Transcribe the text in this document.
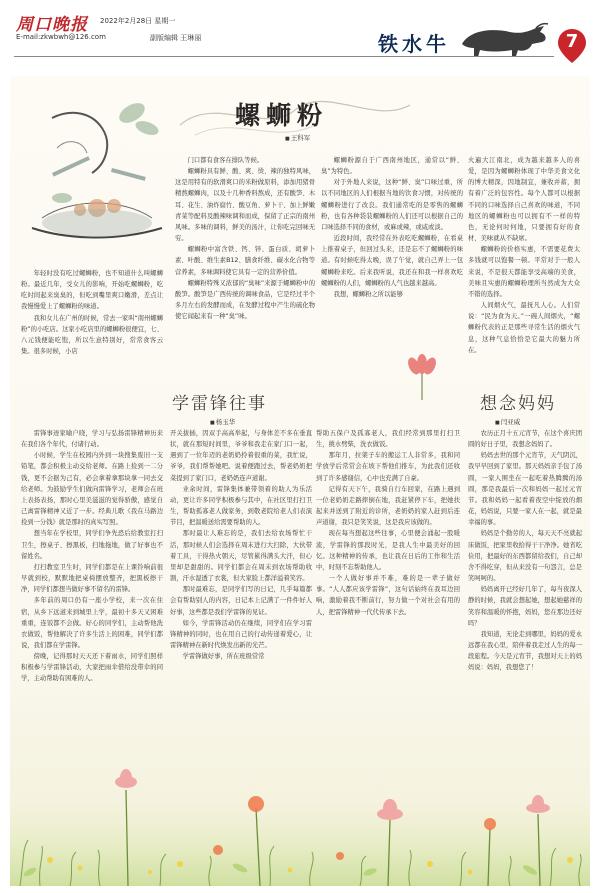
周口晚报
E-mail:zkwbwh@126.com
2022年2月28日 星期一
副版编辑 王琳丽	铁水牛	7
螺蛳粉
■ 王科军

年轻时没有吃过螺蛳粉，也不知道什么叫螺蛳粉。最近几年，受女儿的影响，开始吃螺蛳粉，吃吃时间起来臭臭的，但吃到嘴里爽口嫩滑，差点让我慢慢爱上了螺蛳粉的味道。

我和女儿在广州的时候，常去一家叫“南州螺蛳粉”的小吃店。这家小吃店里的螺蛳粉很便宜，七、八元钱便能吃饱，所以生意特别好，常常食客云集。很多时候，小店

门口都有食客在排队等候。

螺蛳粉具有鲜、酸、爽、烫、辣的独特风味，这是用特有的软滑爽口的米粉做原料，添加用猪骨精熬螺蛳肉，以及十几种香料熬成，还有酸笋、木耳、花生、油炸腐竹、酸豆角、萝卜干、加上鲜嫩青菜等配料及酸辣味调和而成，保留了正宗的南州风味。多味的调料，鲜美的汤汁，让你吃完回味无穷。

螺蛳粉中富含铁、钙、锌、蛋白质、胡萝卜素、叶酸、维生素B12、膳食纤维、碳水化合物等营养素，多味调料使它具有一定的营养价值。

螺蛳粉特殊又浓郁的“臭味”来源于螺蛳粉中的酸笋。酸笋是广西传统的调味食品，它是经过半个多月左右的发酵而成，在发酵过程中产生的硫化物使它闻起来有一种“臭”味。

螺蛳粉源自于广西南州地区，通常以“鲜、臭”为特色。

对于外地人来说，这种“鲜、臭”口味过重，所以不同地区的人们根据当地的饮食习惯，对传统的螺蛳粉进行了改良。我们通常吃的是零售的螺蛳粉，也有各种袋装螺蛳粉的人们还可以根据自己的口味选择不同的食材，或麻或辣，或咸或淡。

近段时间，我经常在外表吃吃螺蛳粉，在看桌上推着桌子，但回过头来，还是忘不了螺蛳粉的味道。有时候吃得太晚，误了午觉，就自己弄上一包螺蛳粉来吃。后来我听说，我还在和我一样喜欢吃螺蛳粉的人们，螺蛳粉的人气也越来越高。

我想，螺蛳粉之所以能够

火遍大江南北，成为越来越多人的喜爱，是因为螺蛳粉体现了中华美食文化的博大精深，因地制宜，兼收并蓄，拥有着广泛的包容性。每个人都可以根据不同的口味选择自己喜欢的味道，不同地区的螺蛳粉也可以拥有不一样的特色，无论何时何地，只要拥有好的食材，美味就从不缺席。

螺蛳粉的价格实惠，不需要花费太多钱就可以饱餐一顿。平常对于一般人来说，不是很天都能享受高端的美食，美味且实惠的螺蛳粉理所当然成为大众不错的选择。

人间烟火气，最抚凡人心。人们常说：“民为食为天。”一碗人间烟火，“螺蛳粉代表的正是那些寻常生活的烟火气息，这种气息恰恰是它最大的魅力所在。

学雷锋往事
■ 杨玉华

雷锋事迹家喻户晓，学习与弘扬雷锋精神历来在我们各个年代，付诸行动。

小时候，学生在校园内外到一块搜集废旧一支铅笔，都会积极主动交给老师。在路上捡到一二分钱，更不会据为己有，必会拿着拿那块拿一同去交给老师。为鼓励学生们做向雷锋学习，老师会在班上表扬表扬，那时心里美滋滋的觉得骄傲，感觉自己离雷锋精神又近了一步。经典儿歌《我在马路边捡到一分钱》就是那时的真实写照。

想当年在学校里，同学们争先恐后给教室打扫卫生，擦桌子、擦黑板，扫地拖地，做了好事也不留姓名。

打扫教室卫生时，同学们都是在上课铃响前很早就到校，默默地把桌椅摆放整齐，把黑板擦干净，同学们都想当做好事不留名的雷锋。

多年前的周口仍有一座小学校，来一次在住宿，从乡下远道来到城里上学，最初十多天又困难重重，连饭都不会做。好心的同学们，主动帮他洗衣做饭，帮他解决了许多生活上的困难，同学们都说，我们都在学雷锋。

傍晚，记得那时天天还下着雨水，同学们照样积极参与学雷锋活动，大家把雨伞借给没带伞的同学，主动帮助有困难的人。

开关拔插，因双手高高举起，与身体差不多在垂直状，就在那短时间里，爷爷和我走在家门口一起，遇到了一位年迈的老奶奶拎着很重的菜，我忙说，爷爷，我们帮帮她吧。说着便跑过去，帮老奶奶把菜提到了家门口，老奶奶连声道谢。

业余时间，雷锋集体兼带领着的助人为乐活动，更让许多同学积极参与其中，在社区里打扫卫生，帮助孤寡老人做家务，到敬老院给老人们表演节目，把温暖送给需要帮助的人。

那时最让人难忘的是，我们去给农场帮忙干活，那时候人们会选择在周末进行大扫除，大伙带着工具，干得热火朝天，尽管累得满头大汗，但心里却是甜甜的。同学们都会在周末到农场帮助收割，汗水湿透了衣裳，但大家脸上都洋溢着笑容。

那时最难忘，是同学们写的日记，几乎每篇都会有帮助别人的内容，日记本上记满了一件件好人好事，这些都是我们学雷锋的见证。

如今，学雷锋活动仍在继续，同学们在学习雷锋精神的同时，也在用自己的行动传递着爱心，让雷锋精神在新时代焕发出新的光芒。

学雷锋做好事，所在班级常常

帮助五保户及孤寡老人，我们经常到那里打扫卫生，挑水劈柴，洗衣做饭。

那年月，拉架子车的搬运工人非常多，我和同学放学后常常会在坡下帮他们推车，为此我们还收到了许多感谢信，心中也充满了自豪。

记得有天下午，我骑自行车回家，在路上遇到一位老奶奶走路摔倒在地，我赶紧停下车，把她扶起来并送到了附近的诊所，老奶奶的家人赶到后连声道谢，我只是笑笑说，这是我应该做的。

现在每当想起这些往事，心里便会涌起一股暖流，学雷锋的那段时光，是我人生中最美好的回忆。这种精神的传承，也让我在日后的工作和生活中，时刻不忘帮助他人。

一个人做好事并不难，难的是一辈子做好事。“人人都应该学雷锋”，这句话始终在我耳边回响，激励着我不断前行，努力做一个对社会有用的人，把雷锋精神一代代传承下去。

想念妈妈
■ 闫亚威

农历正月十五元宵节，在这个喜庆团圆的好日子里，我想念妈妈了。

妈妈去世的那个元宵节，天气阴沉，我早早回到了家里。那天妈妈亲手包了汤圆，一家人围坐在一起吃着热腾腾的汤圆，那是我最后一次和妈妈一起过元宵节。我和妈妈一起看着夜空中绽放的烟花，妈妈说，只要一家人在一起，就是最幸福的事。

妈妈是个勤劳的人，每天天不亮就起床做饭，把家里收拾得干干净净。她省吃俭用，把最好的东西都留给我们，自己却舍不得吃穿，但从来没有一句怨言，总是笑呵呵的。

妈妈离开已经好几年了，每当夜深人静的时候，我就会想起她，想起她慈祥的笑容和温暖的怀抱，妈妈，您在那边还好吗？

我知道，无论走到哪里，妈妈的爱永远都在我心里，陪伴着我走过人生的每一段旅程。今天是元宵节，我想对天上的妈妈说：妈妈，我想您了！
